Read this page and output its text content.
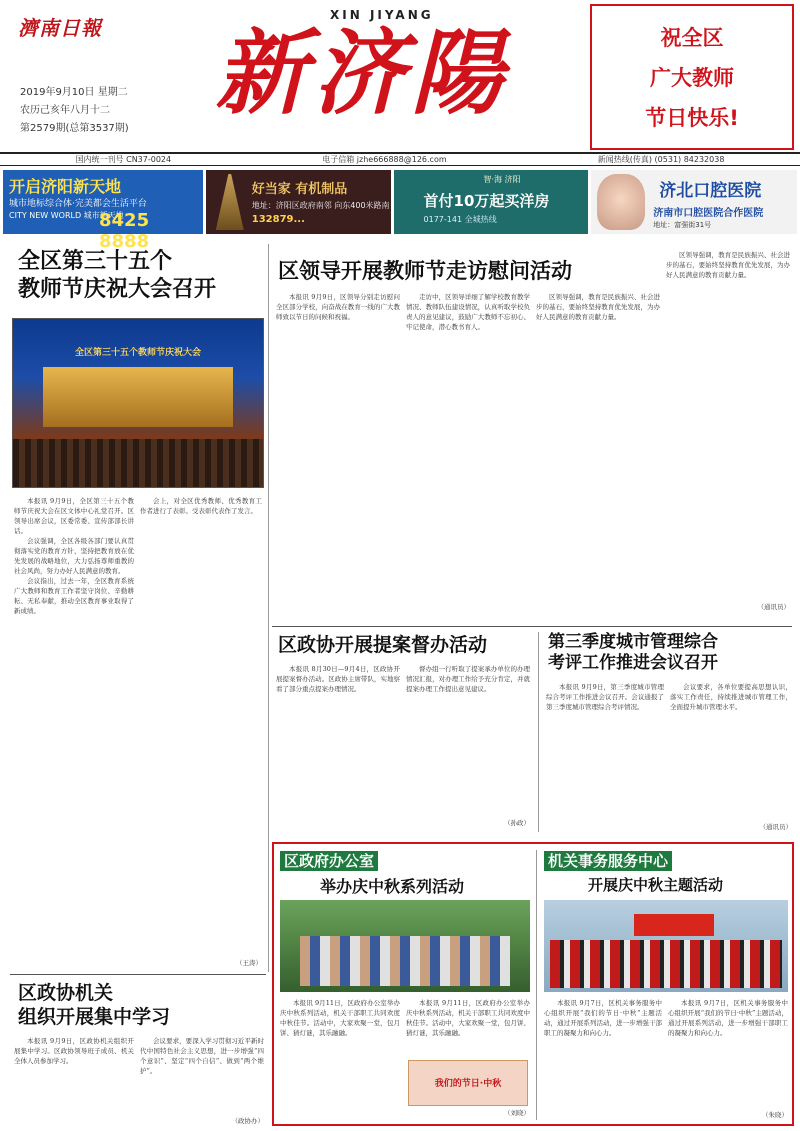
濟南日報
2019年9月10日 星期二
农历己亥年八月十二
第2579期(总第3537期)
XIN JIYANG
新济陽	祝全区
广大教师
节日快乐!
国内统一刊号 CN37-0024	电子信箱 jzhe666888@126.com	新闻热线(传真) (0531) 84232038
开启济阳新天地
城市地标综合体·完美都会生活平台
CITY NEW WORLD 城市新天地
8425 8888
好当家 有机制品
地址：济阳区政府南邻 向东400米路南
132879...
智·海 济阳
首付10万起买洋房
0177-141 全城热线
济北口腔医院
济南市口腔医院合作医院
地址：富强街31号
全区第三十五个
教师节庆祝大会召开
全区第三十五个教师节庆祝大会

本报讯 9月9日，全区第三十五个教师节庆祝大会在区文体中心礼堂召开。区领导出席会议，区委常委、宣传部部长讲话。

会议强调，全区各级各部门要认真贯彻落实党的教育方针，坚持把教育放在优先发展的战略地位，大力弘扬尊师重教的社会风尚，努力办好人民满意的教育。

会议指出，过去一年，全区教育系统广大教师和教育工作者坚守岗位、辛勤耕耘、无私奉献，推动全区教育事业取得了新成绩。

会上，对全区优秀教师、优秀教育工作者进行了表彰。受表彰代表作了发言。

（王涛）
区领导开展教师节走访慰问活动

本报讯 9月9日，区领导分别走访慰问全区部分学校，向奋战在教育一线的广大教师致以节日的问候和祝福。

走访中，区领导详细了解学校教育教学情况、教师队伍建设情况，认真听取学校负责人的意见建议，鼓励广大教师不忘初心、牢记使命，潜心教书育人。

区领导强调，教育是民族振兴、社会进步的基石，要始终坚持教育优先发展，为办好人民满意的教育贡献力量。

区领导强调，教育是民族振兴、社会进步的基石，要始终坚持教育优先发展，为办好人民满意的教育贡献力量。

（通讯员）
区政协开展提案督办活动

本报讯 8月30日—9月4日，区政协开展提案督办活动。区政协主席带队，实地察看了部分重点提案办理情况。

督办组一行听取了提案承办单位的办理情况汇报，对办理工作给予充分肯定，并就提案办理工作提出意见建议。

（孙政）
第三季度城市管理综合
考评工作推进会议召开

本报讯 9月9日，第三季度城市管理综合考评工作推进会议召开。会议通报了第三季度城市管理综合考评情况。

会议要求，各单位要提高思想认识，落实工作责任，持续推进城市管理工作，全面提升城市管理水平。

（通讯员）
区政府办公室
举办庆中秋系列活动

本报讯 9月11日，区政府办公室举办庆中秋系列活动，机关干部职工共同欢度中秋佳节。活动中，大家欢聚一堂，包月饼、猜灯谜，其乐融融。

本报讯 9月11日，区政府办公室举办庆中秋系列活动，机关干部职工共同欢度中秋佳节。活动中，大家欢聚一堂，包月饼、猜灯谜，其乐融融。

我们的节日·中秋
（刘晓）
机关事务服务中心
开展庆中秋主题活动

本报讯 9月7日，区机关事务服务中心组织开展“我们的节日·中秋”主题活动，通过开展系列活动，进一步增强干部职工的凝聚力和向心力。

本报讯 9月7日，区机关事务服务中心组织开展“我们的节日·中秋”主题活动，通过开展系列活动，进一步增强干部职工的凝聚力和向心力。

（朱晓）
区政协机关
组织开展集中学习

本报讯 9月9日，区政协机关组织开展集中学习。区政协领导班子成员、机关全体人员参加学习。

会议要求，要深入学习贯彻习近平新时代中国特色社会主义思想，进一步增强“四个意识”、坚定“四个自信”、做到“两个维护”。

（政协办）
